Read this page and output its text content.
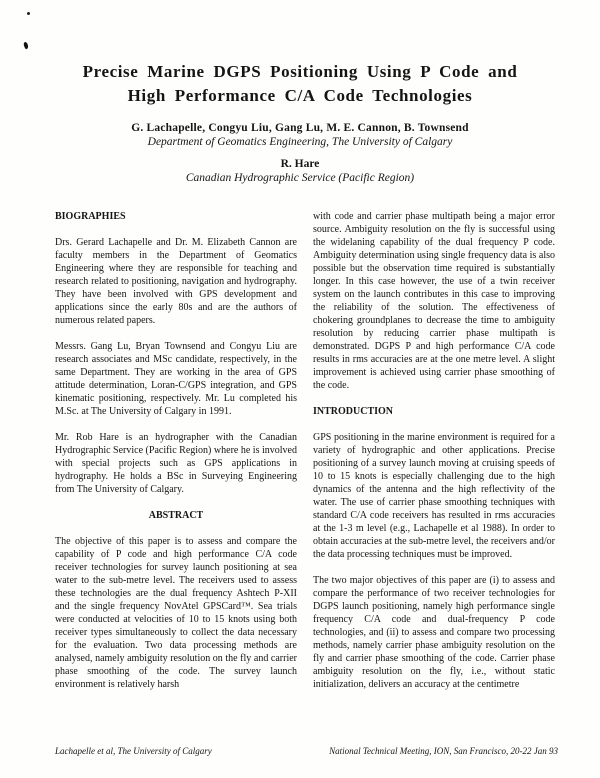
Precise Marine DGPS Positioning Using P Code and
High Performance C/A Code Technologies
G. Lachapelle, Congyu Liu, Gang Lu, M. E. Cannon, B. Townsend
Department of Geomatics Engineering, The University of Calgary
R. Hare
Canadian Hydrographic Service (Pacific Region)
BIOGRAPHIES

Drs. Gerard Lachapelle and Dr. M. Elizabeth Cannon are faculty members in the Department of Geomatics Engineering where they are responsible for teaching and research related to positioning, navigation and hydrography. They have been involved with GPS development and applications since the early 80s and are the authors of numerous related papers.

Messrs. Gang Lu, Bryan Townsend and Congyu Liu are research associates and MSc candidate, respectively, in the same Department. They are working in the area of GPS attitude determination, Loran-C/GPS integration, and GPS kinematic positioning, respectively. Mr. Lu completed his M.Sc. at The University of Calgary in 1991.

Mr. Rob Hare is an hydrographer with the Canadian Hydrographic Service (Pacific Region) where he is involved with special projects such as GPS applications in hydrography. He holds a BSc in Surveying Engineering from The University of Calgary.

ABSTRACT

The objective of this paper is to assess and compare the capability of P code and high performance C/A code receiver technologies for survey launch positioning at sea water to the sub-metre level. The receivers used to assess these technologies are the dual frequency Ashtech P-XII and the single frequency NovAtel GPSCard™. Sea trials were conducted at velocities of 10 to 15 knots using both receiver types simultaneously to collect the data necessary for the evaluation. Two data processing methods are analysed, namely ambiguity resolution on the fly and carrier phase smoothing of the code. The survey launch environment is relatively harsh

with code and carrier phase multipath being a major error source. Ambiguity resolution on the fly is successful using the widelaning capability of the dual frequency P code. Ambiguity determination using single frequency data is also possible but the observation time required is substantially longer. In this case however, the use of a twin receiver system on the launch contributes in this case to improving the reliability of the solution. The effectiveness of chokering groundplanes to decrease the time to ambiguity resolution by reducing carrier phase multipath is demonstrated. DGPS P and high performance C/A code results in rms accuracies are at the one metre level. A slight improvement is achieved using carrier phase smoothing of the code.

INTRODUCTION

GPS positioning in the marine environment is required for a variety of hydrographic and other applications. Precise positioning of a survey launch moving at cruising speeds of 10 to 15 knots is especially challenging due to the high dynamics of the antenna and the high reflectivity of the water. The use of carrier phase smoothing techniques with standard C/A code receivers has resulted in rms accuracies at the 1-3 m level (e.g., Lachapelle et al 1988). In order to obtain accuracies at the sub-metre level, the receivers and/or the data processing techniques must be improved.

The two major objectives of this paper are (i) to assess and compare the performance of two receiver technologies for DGPS launch positioning, namely high performance single frequency C/A code and dual-frequency P code technologies, and (ii) to assess and compare two processing methods, namely carrier phase ambiguity resolution on the fly and carrier phase smoothing of the code. Carrier phase ambiguity resolution on the fly, i.e., without static initialization, delivers an accuracy at the centimetre

Lachapelle et al, The University of Calgary	National Technical Meeting, ION, San Francisco, 20-22 Jan 93
